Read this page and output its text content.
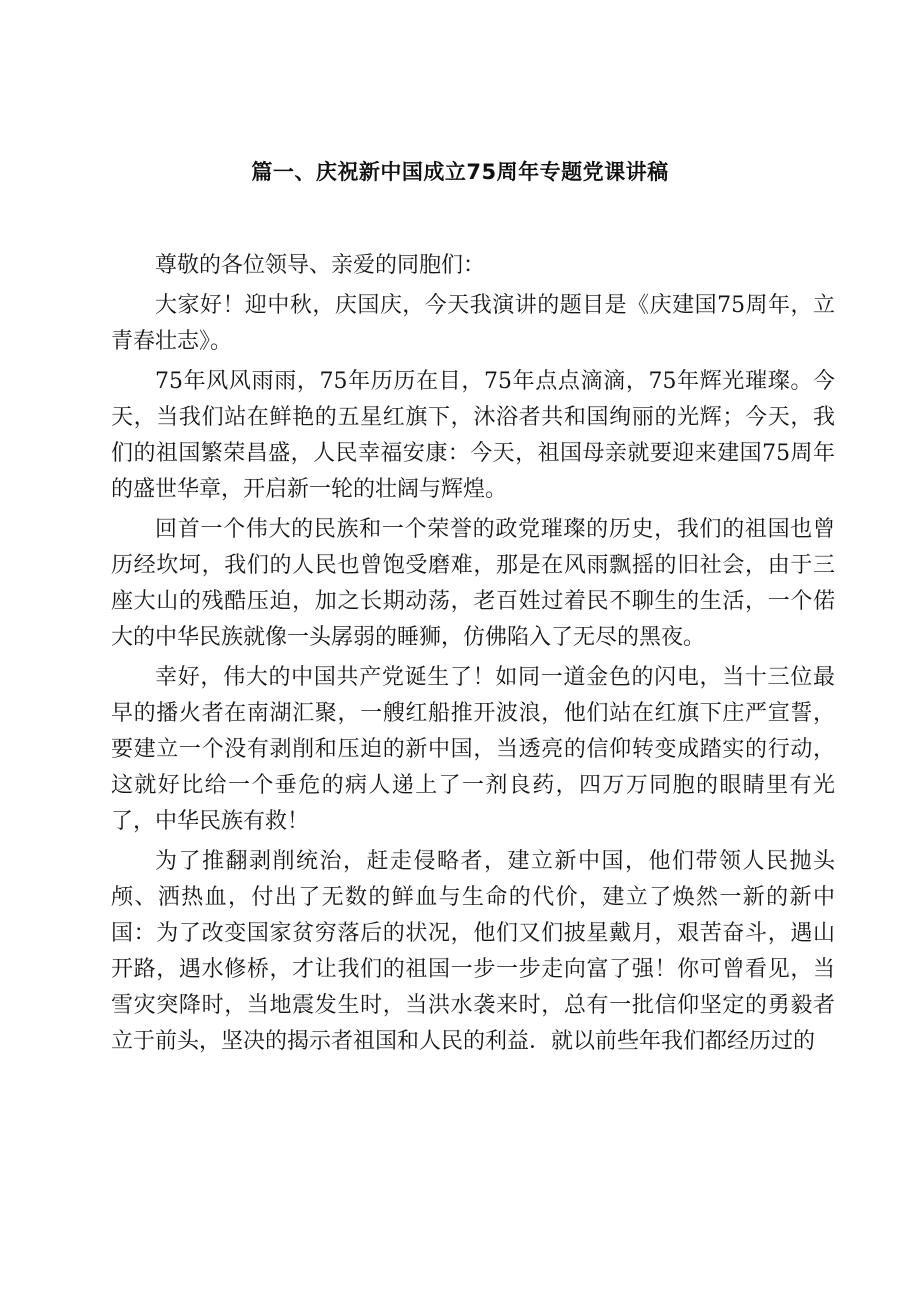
篇一、庆祝新中国成立75周年专题党课讲稿

尊敬的各位领导、亲爱的同胞们：

大家好！迎中秋，庆国庆，今天我演讲的题目是《庆建国75周年，立青春壮志》。

75年风风雨雨，75年历历在目，75年点点滴滴，75年辉光璀璨。今天，当我们站在鲜艳的五星红旗下，沐浴者共和国绚丽的光辉；今天，我们的祖国繁荣昌盛，人民幸福安康：今天，祖国母亲就要迎来建国75周年的盛世华章，开启新一轮的壮阔与辉煌。

回首一个伟大的民族和一个荣誉的政党璀璨的历史，我们的祖国也曾历经坎坷，我们的人民也曾饱受磨难，那是在风雨飘摇的旧社会，由于三座大山的残酷压迫，加之长期动荡，老百姓过着民不聊生的生活，一个偌大的中华民族就像一头孱弱的睡狮，仿佛陷入了无尽的黑夜。

幸好，伟大的中国共产党诞生了！如同一道金色的闪电，当十三位最早的播火者在南湖汇聚，一艘红船推开波浪，他们站在红旗下庄严宣誓，要建立一个没有剥削和压迫的新中国，当透亮的信仰转变成踏实的行动，这就好比给一个垂危的病人递上了一剂良药，四万万同胞的眼睛里有光了，中华民族有救！

为了推翻剥削统治，赶走侵略者，建立新中国，他们带领人民抛头颅、洒热血，付出了无数的鲜血与生命的代价，建立了焕然一新的新中国：为了改变国家贫穷落后的状况，他们又们披星戴月，艰苦奋斗，遇山开路，遇水修桥，才让我们的祖国一步一步走向富了强！你可曾看见，当雪灾突降时，当地震发生时，当洪水袭来时，总有一批信仰坚定的勇毅者立于前头，坚决的揭示者祖国和人民的利益．就以前些年我们都经历过的
